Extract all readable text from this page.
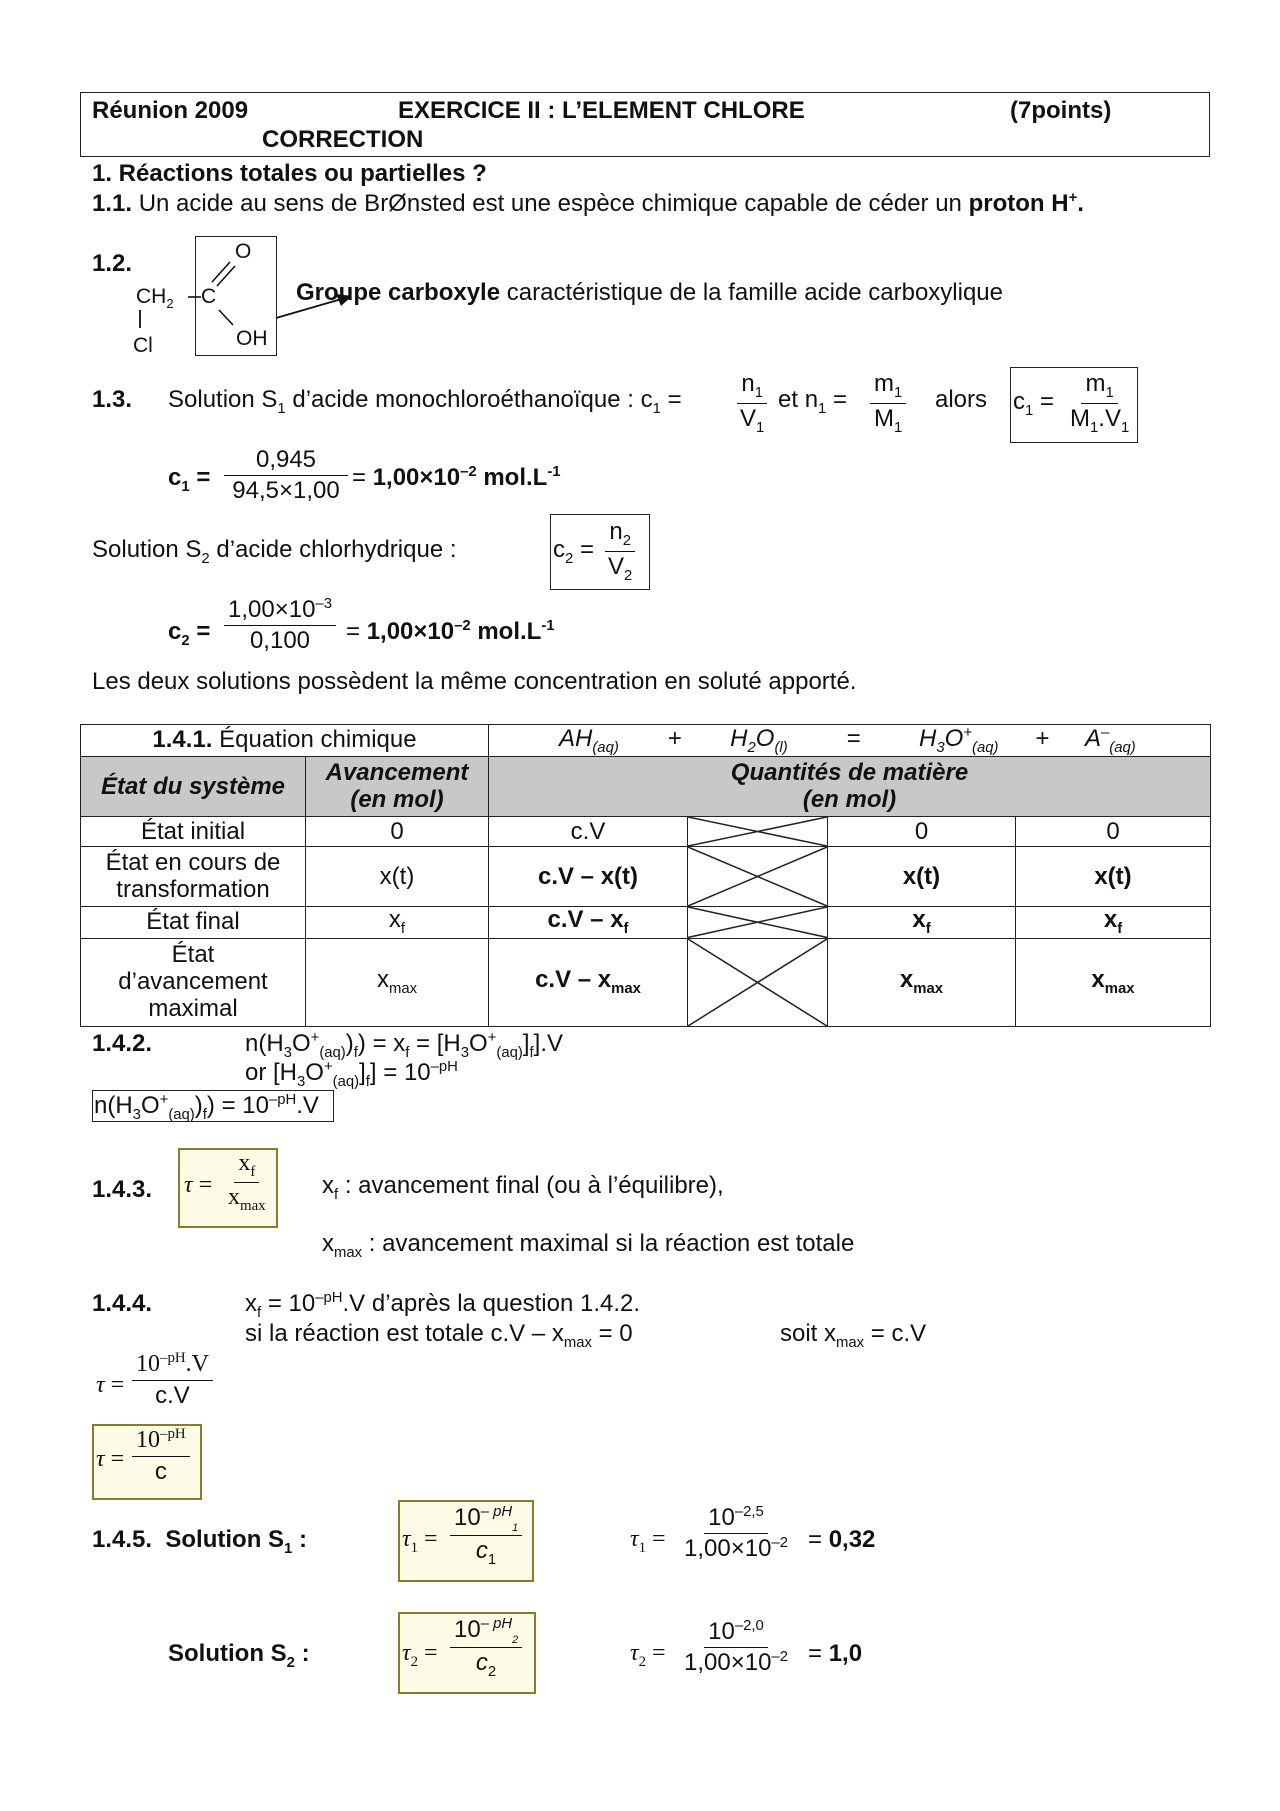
Réunion 2009	EXERCICE II : L’ELEMENT CHLORE	(7points)
CORRECTION
1. Réactions totales ou partielles ?
1.1. Un acide au sens de BrØnsted est une espèce chimique capable de céder un proton H+.
1.2.	O
$CH_2$ C
OH
Cl
Groupe carboxyle caractéristique de la famille acide carboxylique
1.3. Solution $S_1$ d’acide monochloroéthanoïque : $c_1 = \frac{n_1}{V_1}$ et $n_1 = \frac{m_1}{M_1}$ alors $c_1 = \frac{m_1}{M_1.V_1}$
$c_1 = \frac{0,945}{94,5\times 1,00} = 1,00\times 10^{-2}$ $mol.L^{-1}$
Solution $S_2$ d’acide chlorhydrique :	$c_2 = \frac{n_2}{V_2}$
$c_2 = \frac{1,00\times 10^{-3}}{0,100} = 1,00\times 10^{-2}$ $mol.L^{-1}$
Les deux solutions possèdent la même concentration en soluté apporté.
1.4.1. Équation chimique		$AH_{(aq)} + H_2O_{(l)} = H_3O^+_{(aq)} + A^-_{(aq)}$
État du système	Avancement
(en mol)	Quantités de matière
(en mol)			
État initial	0	c.V		0	0
État en cours de
transformation	x(t)	c.V – x(t)		x(t)	x(t)
État final	$x_f$	$c.V - x_f$		$x_f$	$x_f$
État
d’avancement
maximal	$x_{max}$	$c.V - x_{max}$		$x_{max}$	$x_{max}$
1.4.2.	$n(H_3O^+_{(aq)})_f) = x_f = [H_3O^+_{(aq)}]_f].V$
or $[H_3O^+_{(aq)}]_f] = 10^{-pH}$
$n(H_3O^+_{(aq)})_f) = 10^{-pH}.V$
1.4.3. $\tau = \frac{x_f}{x_{max}} x_f$ : avancement final (ou à l’équilibre),
$x_{max}$ : avancement maximal si la réaction est totale
1.4.4.	$x_f = 10^{-pH}.V$ d’après la question 1.4.2.
si la réaction est totale $c.V - x_{max} = 0$	soit $x_{max} = c.V$
$\tau = \frac{10^{-pH}.V}{c.V}$
$\tau = \frac{10^{-pH}}{c}$
1.4.5. Solution $S_1$ :	$\tau_1 = \frac{10^{- pH}_1}{c_1}$	$\tau_1 = \frac{10^{-2,5}}{1,00\times 10^{-2}} = 0,32$
Solution $S_2$ :	$\tau_2 = \frac{10^{- pH}_2}{c_2}$	$\tau_2 = \frac{10^{-2,0}}{1,00\times 10^{-2}} = 1,0$
